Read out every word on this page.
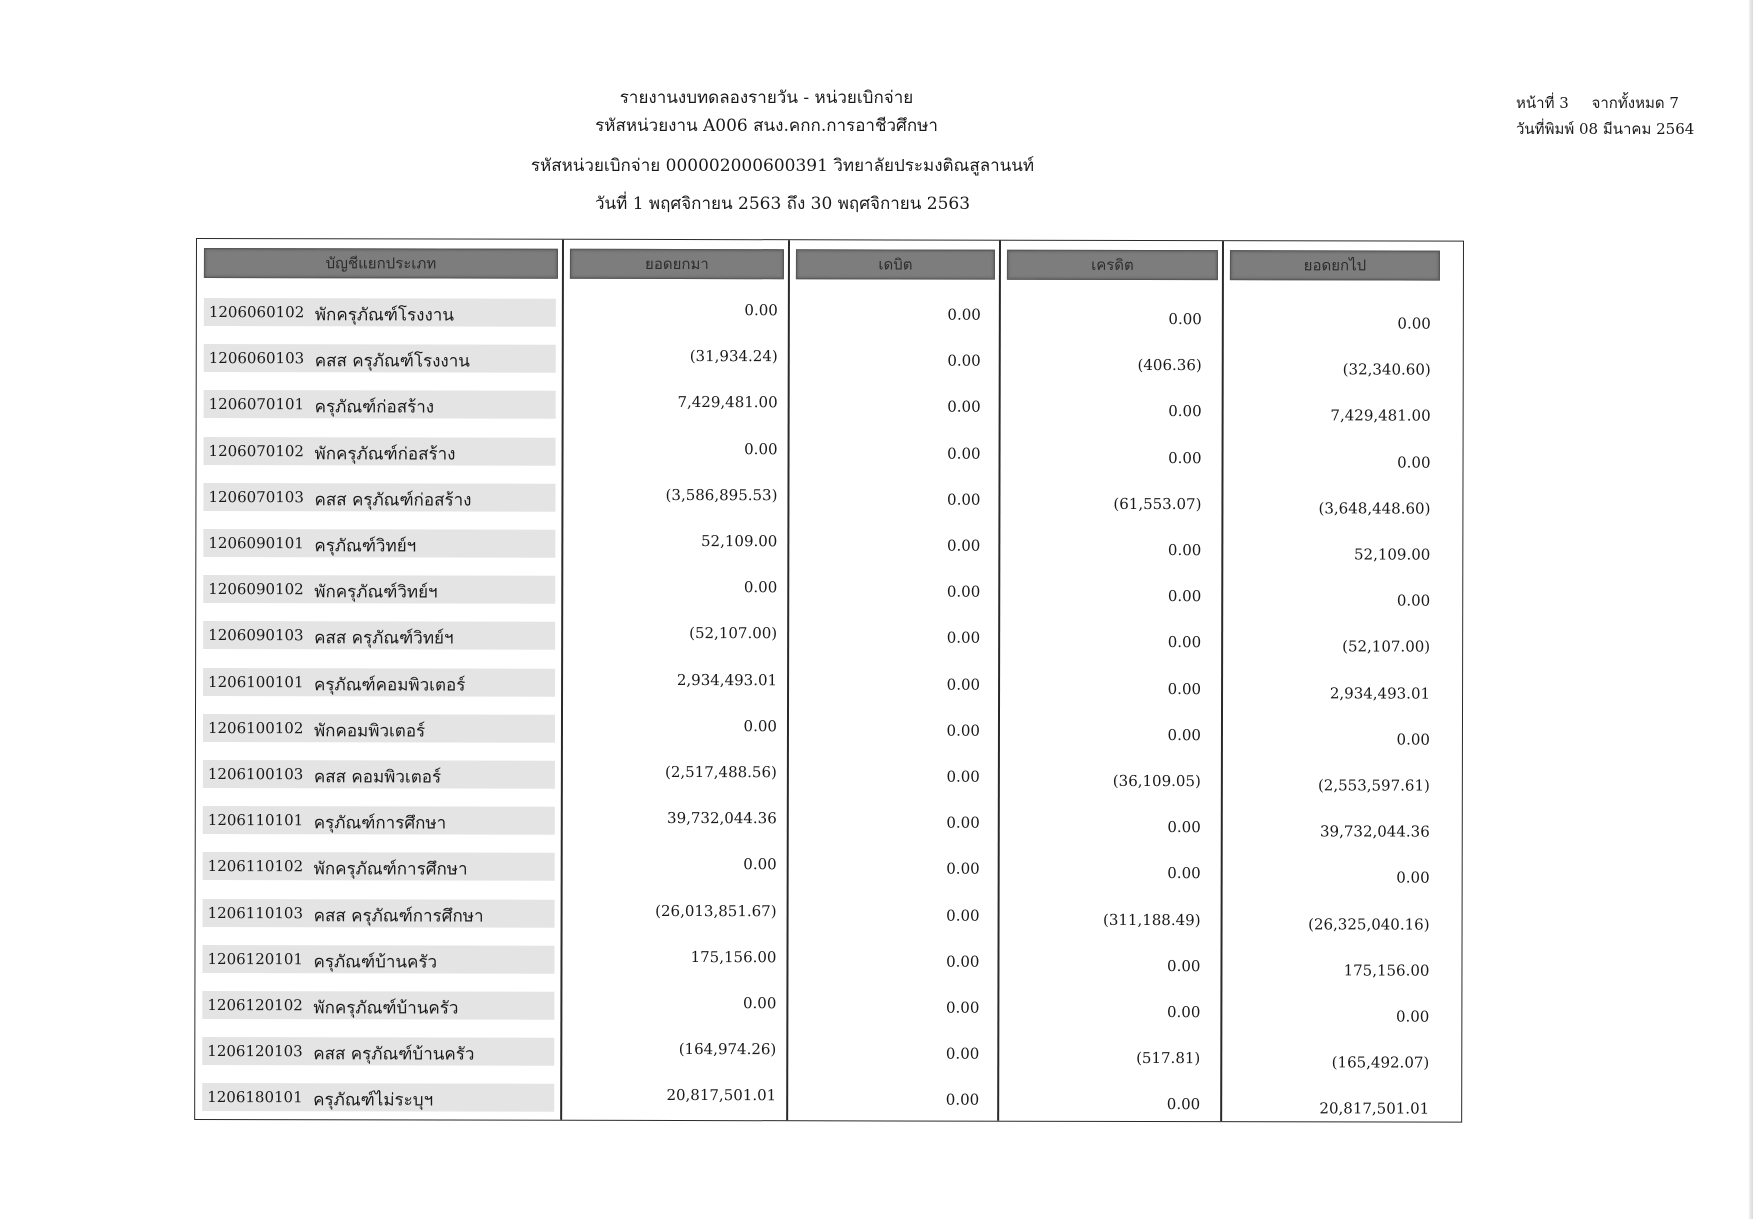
รายงานงบทดลองรายวัน - หน่วยเบิกจ่าย
รหัสหน่วยงาน A006 สนง.คกก.การอาชีวศึกษา
รหัสหน่วยเบิกจ่าย 000002000600391 วิทยาลัยประมงติณสูลานนท์
วันที่ 1 พฤศจิกายน 2563 ถึง 30 พฤศจิกายน 2563
หน้าที่ 3 จากทั้งหมด 7
วันที่พิมพ์ 08 มีนาคม 2564
บัญชีแยกประเภท	ยอดยกมา	เดบิต	เครดิต	ยอดยกไป
1206060102 พักครุภัณฑ์โรงงาน	0.00	0.00	0.00	0.00
1206060103 คสส ครุภัณฑ์โรงงาน	(31,934.24)	0.00	(406.36)	(32,340.60)
1206070101 ครุภัณฑ์ก่อสร้าง	7,429,481.00	0.00	0.00	7,429,481.00
1206070102 พักครุภัณฑ์ก่อสร้าง	0.00	0.00	0.00	0.00
1206070103 คสส ครุภัณฑ์ก่อสร้าง	(3,586,895.53)	0.00	(61,553.07)	(3,648,448.60)
1206090101 ครุภัณฑ์วิทย์ฯ	52,109.00	0.00	0.00	52,109.00
1206090102 พักครุภัณฑ์วิทย์ฯ	0.00	0.00	0.00	0.00
1206090103 คสส ครุภัณฑ์วิทย์ฯ	(52,107.00)	0.00	0.00	(52,107.00)
1206100101 ครุภัณฑ์คอมพิวเตอร์	2,934,493.01	0.00	0.00	2,934,493.01
1206100102 พักคอมพิวเตอร์	0.00	0.00	0.00	0.00
1206100103 คสส คอมพิวเตอร์	(2,517,488.56)	0.00	(36,109.05)	(2,553,597.61)
1206110101 ครุภัณฑ์การศึกษา	39,732,044.36	0.00	0.00	39,732,044.36
1206110102 พักครุภัณฑ์การศึกษา	0.00	0.00	0.00	0.00
1206110103 คสส ครุภัณฑ์การศึกษา	(26,013,851.67)	0.00	(311,188.49)	(26,325,040.16)
1206120101 ครุภัณฑ์บ้านครัว	175,156.00	0.00	0.00	175,156.00
1206120102 พักครุภัณฑ์บ้านครัว	0.00	0.00	0.00	0.00
1206120103 คสส ครุภัณฑ์บ้านครัว	(164,974.26)	0.00	(517.81)	(165,492.07)
1206180101 ครุภัณฑ์ไม่ระบุฯ	20,817,501.01	0.00	0.00	20,817,501.01
